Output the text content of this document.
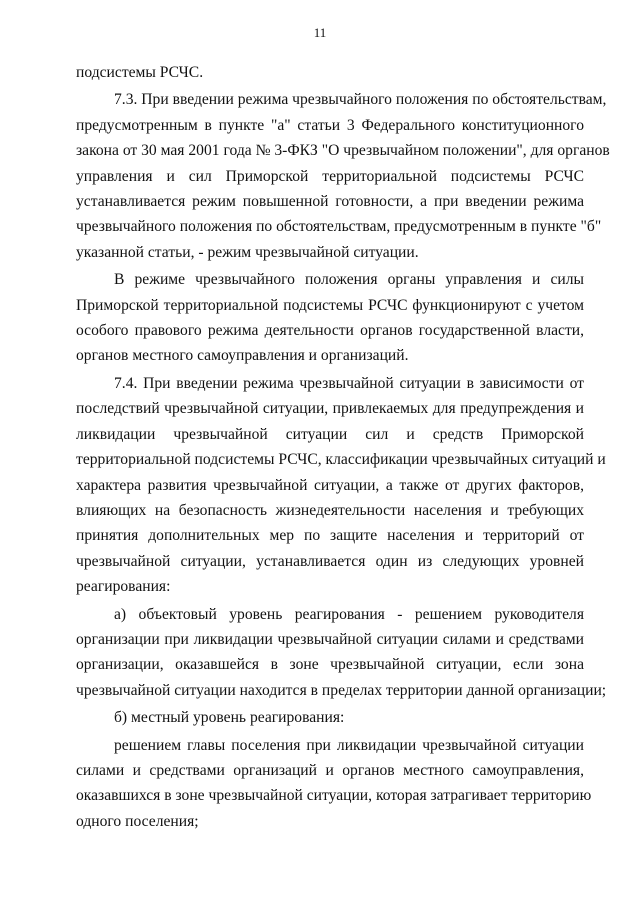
11
подсистемы РСЧС.
7.3. При введении режима чрезвычайного положения по обстоятельствам,
предусмотренным в пункте "а" статьи 3 Федерального конституционного
закона от 30 мая 2001 года № 3-ФКЗ "О чрезвычайном положении", для органов
управления и сил Приморской территориальной подсистемы РСЧС
устанавливается режим повышенной готовности, а при введении режима
чрезвычайного положения по обстоятельствам, предусмотренным в пункте "б"
указанной статьи, - режим чрезвычайной ситуации.
В режиме чрезвычайного положения органы управления и силы
Приморской территориальной подсистемы РСЧС функционируют с учетом
особого правового режима деятельности органов государственной власти,
органов местного самоуправления и организаций.
7.4. При введении режима чрезвычайной ситуации в зависимости от
последствий чрезвычайной ситуации, привлекаемых для предупреждения и
ликвидации чрезвычайной ситуации сил и средств Приморской
территориальной подсистемы РСЧС, классификации чрезвычайных ситуаций и
характера развития чрезвычайной ситуации, а также от других факторов,
влияющих на безопасность жизнедеятельности населения и требующих
принятия дополнительных мер по защите населения и территорий от
чрезвычайной ситуации, устанавливается один из следующих уровней
реагирования:
а) объектовый уровень реагирования - решением руководителя
организации при ликвидации чрезвычайной ситуации силами и средствами
организации, оказавшейся в зоне чрезвычайной ситуации, если зона
чрезвычайной ситуации находится в пределах территории данной организации;
б) местный уровень реагирования:
решением главы поселения при ликвидации чрезвычайной ситуации
силами и средствами организаций и органов местного самоуправления,
оказавшихся в зоне чрезвычайной ситуации, которая затрагивает территорию
одного поселения;
